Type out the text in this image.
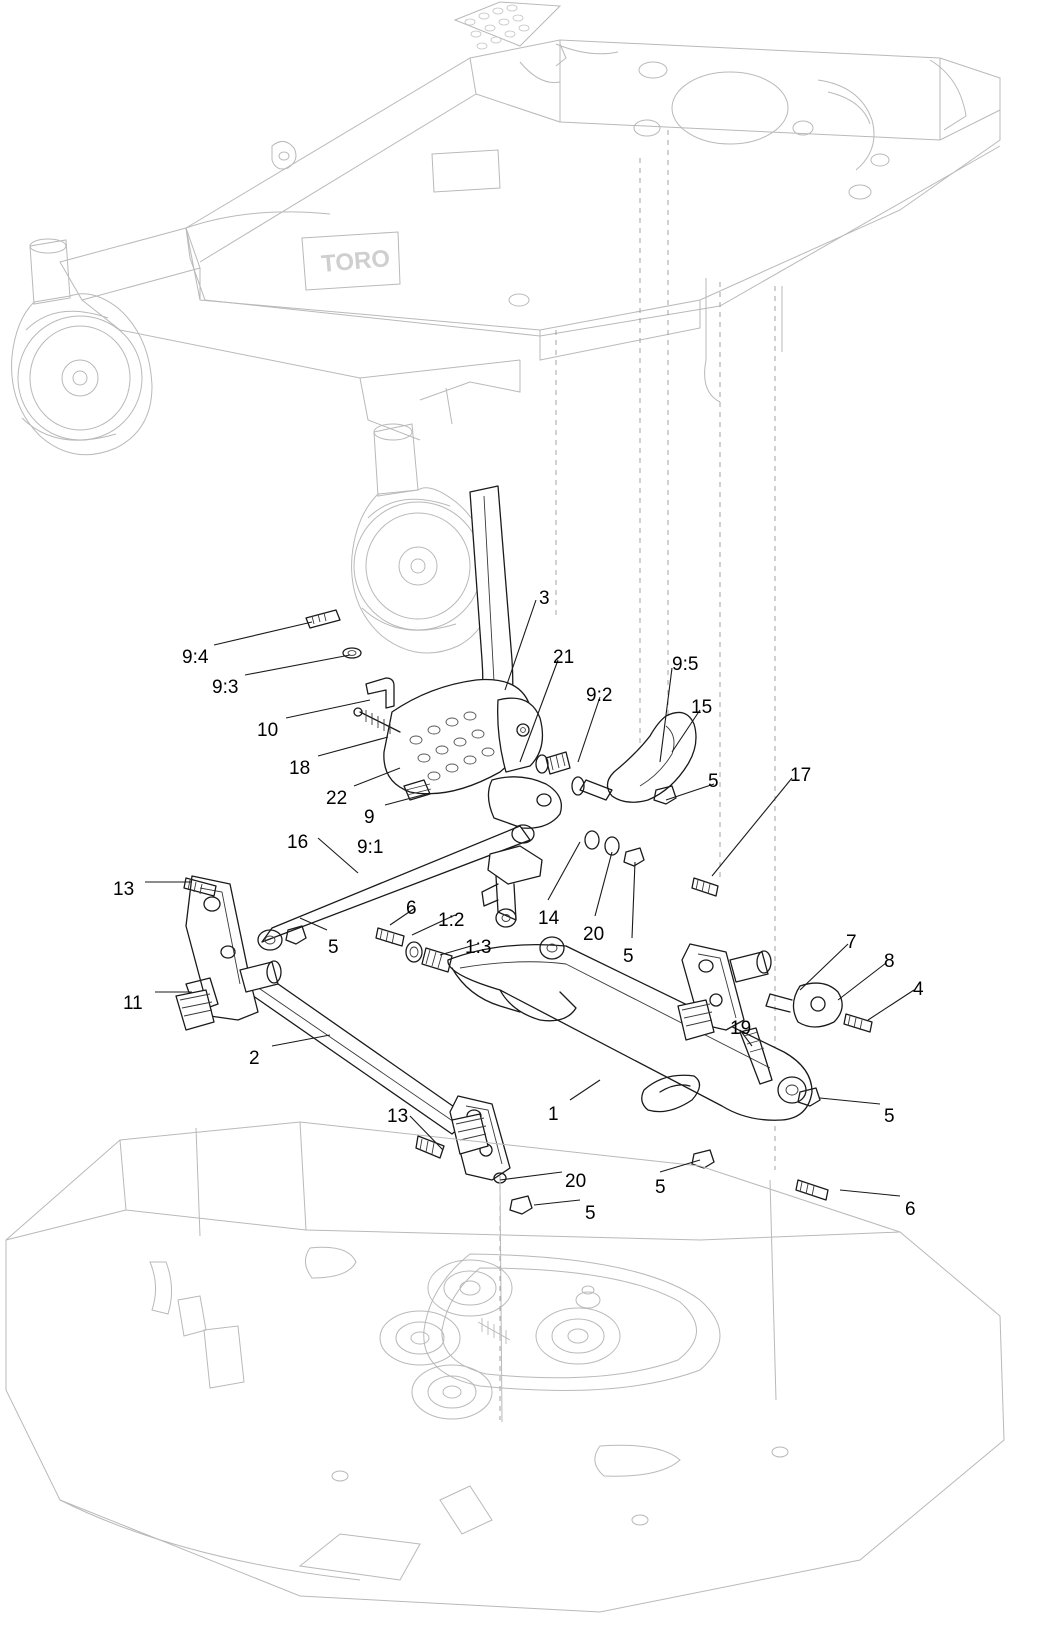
TORO
9:4
9:3
10
18
22
9
9:1
16
3
21
9:2
9:5
15
5	17
13
11
5
6
1:2
1:3
14
20
5
7
8
4
19
2
1	5
13
20
5
5
6
